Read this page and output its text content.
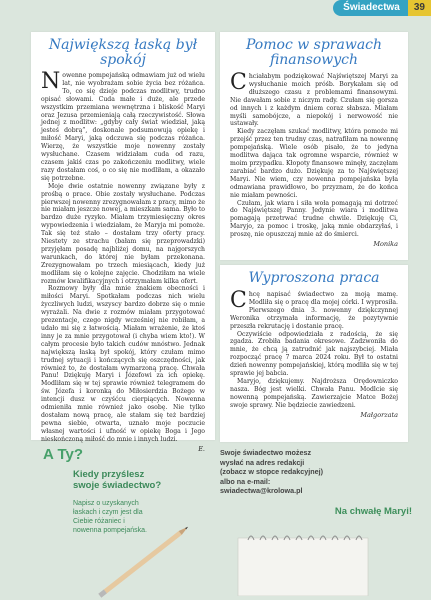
Świadectwa	39
Największą łaską był spokój

Nowenne pompejańską odmawiam już od wielu lat, nie wyobrażam sobie życia bez różańca. To, co się dzieje podczas modlitwy, trudno opisać słowami. Cuda małe i duże, ale przede wszystkim przemiana wewnętrzna i bliskość Maryi oraz Jezusa przemieniają całą rzeczywistość. Słowa jednej z modlitw: „gdyby cały świat wiedział, jaką jesteś dobrą”, doskonale podsumowują opiekę i miłość Maryi, jaką odczuwa się podczas różańca. Wierzę, że wszystkie moje nowenny zostały wysłuchane. Czasem widziałam cuda od razu, czasem jakiś czas po zakończeniu modlitwy, wiele razy dostałam coś, o co się nie modliłam, a okazało się potrzebne.

Moje dwie ostatnie nowenny związane były z prośbą o prace. Obie zostały wysłuchane. Podczas pierwszej nowenny zrezygnowałam z pracy, mimo że nie miałam jeszcze nowej, a mieszkam sama. Było to bardzo duże ryzyko. Miałam trzymiesięczny okres wypowiedzenia i wiedziałam, że Maryja mi pomoże. Tak się też stało – dostałam trzy oferty pracy. Niestety ze strachu (bałam się przeprowadzki) przyjęłam posadę najbliżej domu, na najgorszych warunkach, do której nie byłam przekonana. Zrezygnowałam po trzech miesiącach, kiedy już modliłam się o kolejne zajęcie. Chodziłam na wiele rozmów kwalifikacyjnych i otrzymałam kilka ofert.

Rozmowy były dla mnie znakiem obecności i miłości Maryi. Spotkałam podczas nich wielu życzliwych ludzi, wszyscy bardzo dobrze się o mnie wyrażali. Na dwie z rozmów miałam przygotować prezentacje, czego nigdy wcześniej nie robiłam, a udało mi się z łatwością. Miałam wrażenie, że ktoś inny je za mnie przygotował (i chyba wiem kto!). W całym procesie było takich cudów mnóstwo. Jednak największą łaską był spokój, który czułam mimo trudnej sytuacji i kończących się oszczędności, jak również to, że dostałam wymarzoną pracę. Chwała Panu! Dziękuję Maryi i Józefowi za ich opiekę. Modliłam się w tej sprawie również telegramem do św. Józefa i koronką do Miłosierdzia Bożego w intencji dusz w czyśćcu cierpiących. Nowenna odmieniła mnie również jako osobę. Nie tylko dostałam nową pracę, ale stałam się też bardziej pewna siebie, otwarta, uznało moje poczucie własnej wartości i ufność w opiekę Boga i Jego nieskończoną miłość do mnie i innych ludzi.

E.
Pomoc w sprawach
finansowych

Chciałabym podziękować Najświętszej Maryi za wysłuchanie moich próśb. Borykałam się od dłuższego czasu z problemami finansowymi. Nie dawałam sobie z niczym rady. Czułam się gorsza od innych i z każdym dniem coraz słabsza. Miałam myśli samobójcze, a niepokój i nerwowość nie ustawały.

Kiedy zaczęłam szukać modlitwy, która pomoże mi przejść przez ten trudny czas, natrafiłam na nowennę pompejańską. Wiele osób pisało, że to jedyna modlitwa dająca tak ogromne wsparcie, również w moim przypadku. Kłopoty finansowe minęły, zaczęłam zarabiać bardzo dużo. Dziękuję za to Najświętszej Maryi. Nie wiem, czy nowenna pompejańska była odmawiana prawidłowo, bo przyznam, że do końca nie miałam pewności.

Czułam, jak wiara i siła woła pomagają mi dotrzeć do Najświętszej Panny. Jedynie wiara i modlitwa pomagają przetrwać trudne chwile. Dziękuję Ci, Maryjo, za pomoc i troskę, jaką mnie obdarzyłaś, i proszę, nie opuszczaj mnie aż do śmierci.

Monika
Wyproszona praca

Chcę napisać świadectwo za moją mamę. Modliła się o pracę dla mojej córki. I wyprosiła. Pierwszego dnia 3. nowenny dziękczynnej Weronika otrzymała informację, że pozytywnie przeszła rekrutację i dostanie pracę.

Oczywiście odpowiedziała z radością, że się zgadza. Zrobiła badania okresowe. Zadzwoniła do mnie, że chcą ją zatrudnić jak najszybciej. Miała rozpocząć pracę 7 marca 2024 roku. Był to ostatni dzień nowenny pompejańskiej, którą modliła się w tej sprawie jej babcia.

Maryjo, dziękujemy. Najdroższa Orędowniczko nasza. Bóg jest wielki. Chwała Panu. Modlcie się nowenną pompejańską. Zawierzajcie Matce Bożej swoje sprawy. Nie będziecie zawiedzeni.

Małgorzata
A Ty?
Kiedy przyślesz
swoje świadectwo?
Napisz o uzyskanych łaskach i czym jest dla Ciebie różaniec i nowenna pompejańska.
Swoje świadectwo możesz
wysłać na adres redakcji
(zobacz w stopce redakcyjnej)
albo na e-mail:
swiadectwa@krolowa.pl
Na chwałę Maryi!
